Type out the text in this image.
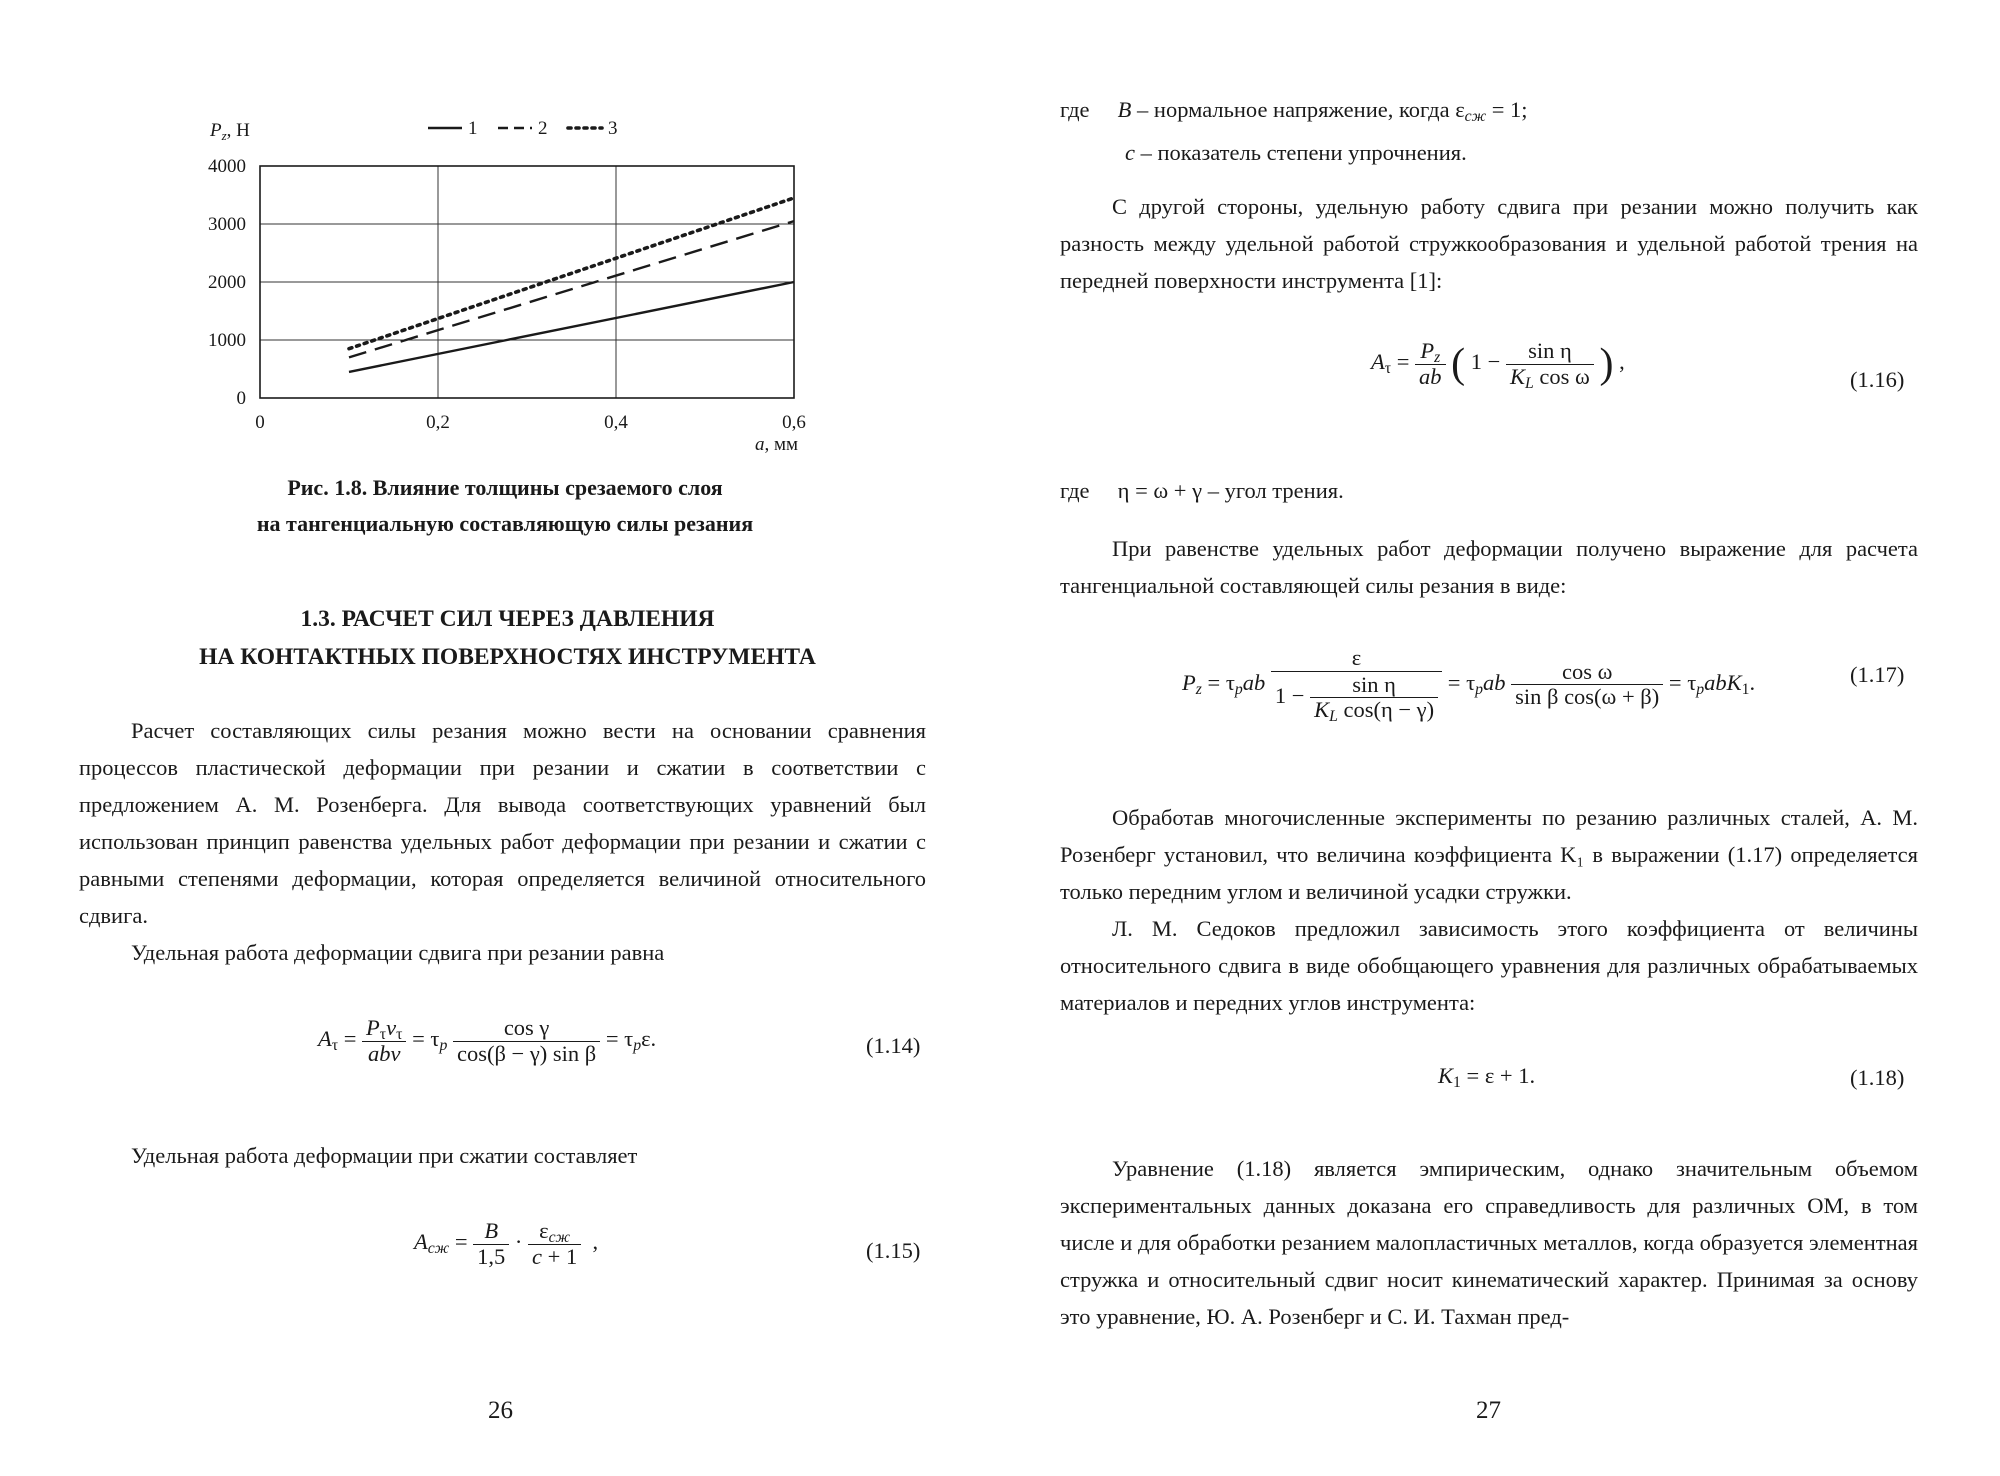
0
1000
2000
3000
4000
0	0,2	0,4	0,6
$P_z$, Н
a, мм
1	2	3
Рис. 1.8. Влияние толщины срезаемого слоя
на тангенциальную составляющую силы резания
1.3. РАСЧЕТ СИЛ ЧЕРЕЗ ДАВЛЕНИЯ
НА КОНТАКТНЫХ ПОВЕРХНОСТЯХ ИНСТРУМЕНТА
Расчет составляющих силы резания можно вести на основании сравнения процессов пластической деформации при резании и сжатии в соответствии с предложением А. М. Розенберга. Для вывода соответствующих уравнений был использован принцип равенства удельных работ деформации при резании и сжатии с равными степенями деформации, которая определяется величиной относительного сдвига.
Удельная работа деформации сдвига при резании равна
$A_\tau = P_\tau v_\tau$
abv
= $\tau_p \frac{\text{cos γ}}{\text{cos(β − γ) sin β}} = \tau_p\varepsilon$.	(1.14)
Удельная работа деформации при сжатии составляет
$A_{сж} = \frac{B}{1,5} \cdot \varepsilon_{сж}$
c + 1
,	(1.15)
26
где B – нормальное напряжение, когда $\varepsilon_{сж} = 1$;
c – показатель степени упрочнения.
С другой стороны, удельную работу сдвига при резании можно получить как разность между удельной работой стружкообразования и удельной работой трения на передней поверхности инструмента [1]:
$A_\tau = \frac{P_z}{ab}$ ( $1 - \frac{\text{sin η}}{K_L \cos \omega}$ ) ,
(1.16)
где     η = ω + γ – угол трения.
При равенстве удельных работ деформации получено выражение для расчета тангенциальной составляющей силы резания в виде:
$P_z = \tau_pab$
ε
$1 - \frac{\text{sin η}}{K_L \cos(\eta - \gamma)} = \tau_pab \frac{\text{cos ω}}{\text{sin β cos(ω + β)}} = \tau_pabK_1$.	(1.17)
Обработав многочисленные эксперименты по резанию различных сталей, А. М. Розенберг установил, что величина коэффициента K₁ в выражении (1.17) определяется только передним углом и величиной усадки стружки.
Л. М. Седоков предложил зависимость этого коэффициента от величины относительного сдвига в виде обобщающего уравнения для различных обрабатываемых материалов и передних углов инструмента:
$K_1 = \varepsilon + 1$.	(1.18)
Уравнение (1.18) является эмпирическим, однако значительным объемом экспериментальных данных доказана его справедливость для различных ОМ, в том числе и для обработки резанием малопластичных металлов, когда образуется элементная стружка и относительный сдвиг носит кинематический характер. Принимая за основу это уравнение, Ю. А. Розенберг и С. И. Тахман пред-
27
